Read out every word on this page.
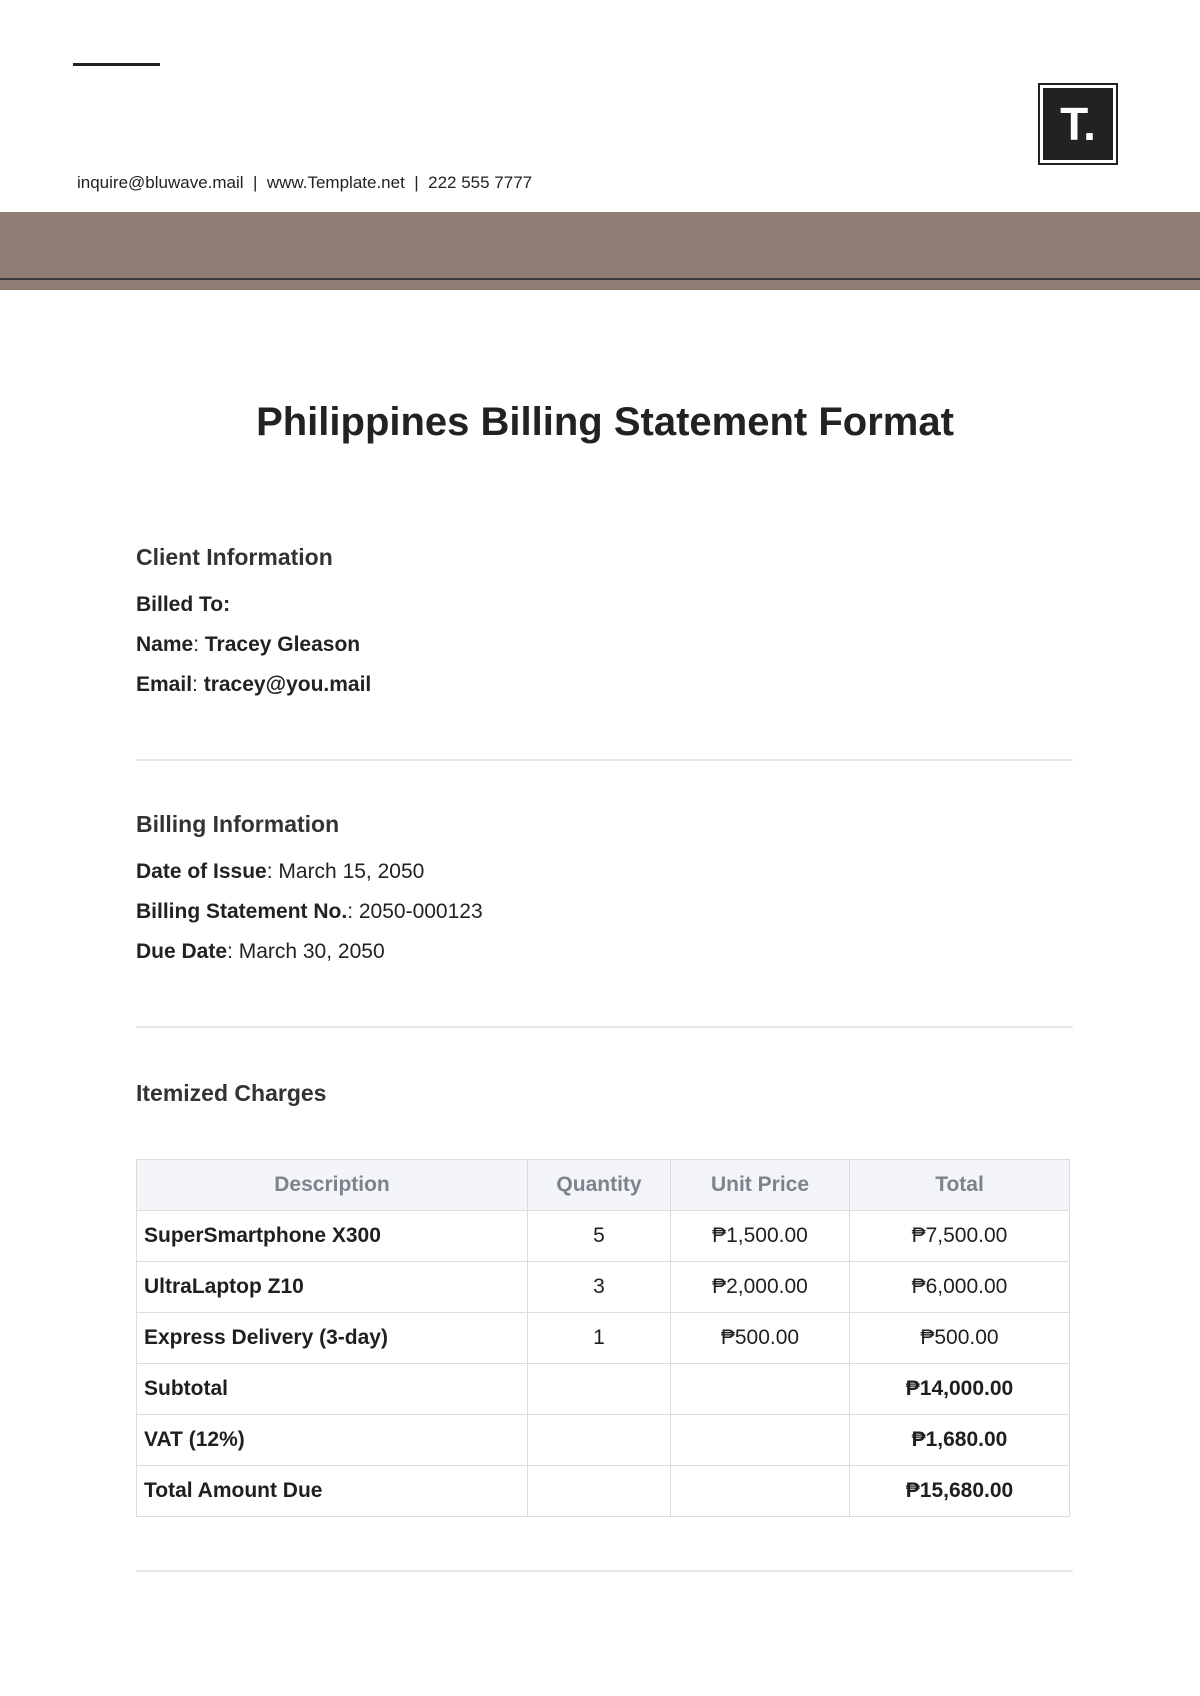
T.
inquire@bluwave.mail  |  www.Template.net  |  222 555 7777
Philippines Billing Statement Format
Client Information
Billed To:
Name: Tracey Gleason
Email: tracey@you.mail
Billing Information
Date of Issue: March 15, 2050
Billing Statement No.: 2050-000123
Due Date: March 30, 2050
Itemized Charges
Description	Quantity	Unit Price	Total
SuperSmartphone X300	5	₱1,500.00	₱7,500.00
UltraLaptop Z10	3	₱2,000.00	₱6,000.00
Express Delivery (3-day)	1	₱500.00	₱500.00
Subtotal			₱14,000.00
VAT (12%)			₱1,680.00
Total Amount Due			₱15,680.00
